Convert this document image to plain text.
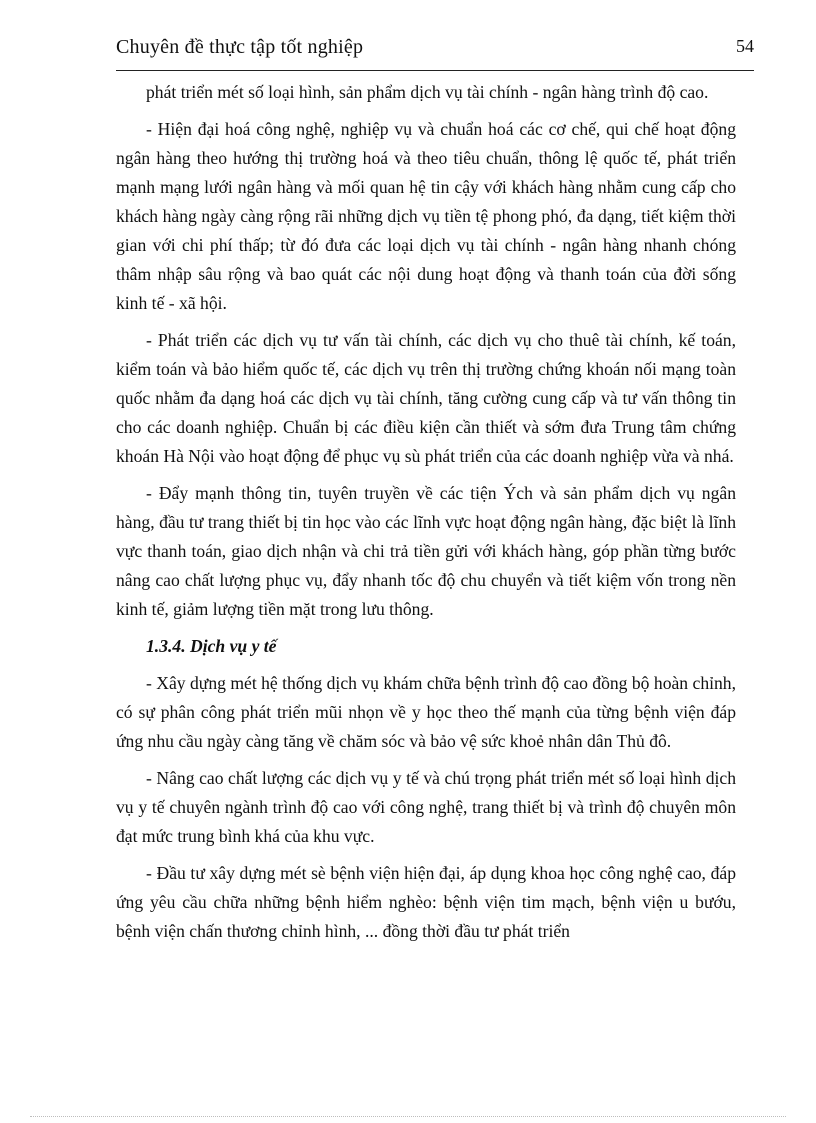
Chuyên đề thực tập tốt nghiệp	54

phát triển mét số loại hình, sản phẩm dịch vụ tài chính - ngân hàng trình độ cao.

- Hiện đại hoá công nghệ, nghiệp vụ và chuẩn hoá các cơ chế, qui chế hoạt động ngân hàng theo hướng thị trường hoá và theo tiêu chuẩn, thông lệ quốc tế, phát triển mạnh mạng lưới ngân hàng và mối quan hệ tin cậy với khách hàng nhằm cung cấp cho khách hàng ngày càng rộng rãi những dịch vụ tiền tệ phong phó, đa dạng, tiết kiệm thời gian với chi phí thấp; từ đó đưa các loại dịch vụ tài chính - ngân hàng nhanh chóng thâm nhập sâu rộng và bao quát các nội dung hoạt động và thanh toán của đời sống kinh tế - xã hội.

- Phát triển các dịch vụ tư vấn tài chính, các dịch vụ cho thuê tài chính, kế toán, kiểm toán và bảo hiểm quốc tế, các dịch vụ trên thị trường chứng khoán nối mạng toàn quốc nhằm đa dạng hoá các dịch vụ tài chính, tăng cường cung cấp và tư vấn thông tin cho các doanh nghiệp. Chuẩn bị các điều kiện cần thiết và sớm đưa Trung tâm chứng khoán Hà Nội vào hoạt động để phục vụ sù phát triển của các doanh nghiệp vừa và nhá.

- Đẩy mạnh thông tin, tuyên truyền về các tiện Ých và sản phẩm dịch vụ ngân hàng, đầu tư trang thiết bị tin học vào các lĩnh vực hoạt động ngân hàng, đặc biệt là lĩnh vực thanh toán, giao dịch nhận và chi trả tiền gửi với khách hàng, góp phần từng bước nâng cao chất lượng phục vụ, đẩy nhanh tốc độ chu chuyển và tiết kiệm vốn trong nền kinh tế, giảm lượng tiền mặt trong lưu thông.

1.3.4. Dịch vụ y tế

- Xây dựng mét hệ thống dịch vụ khám chữa bệnh trình độ cao đồng bộ hoàn chỉnh, có sự phân công phát triển mũi nhọn về y học theo thế mạnh của từng bệnh viện đáp ứng nhu cầu ngày càng tăng về chăm sóc và bảo vệ sức khoẻ nhân dân Thủ đô.

- Nâng cao chất lượng các dịch vụ y tế và chú trọng phát triển mét số loại hình dịch vụ y tế chuyên ngành trình độ cao với công nghệ, trang thiết bị và trình độ chuyên môn đạt mức trung bình khá của khu vực.

- Đầu tư xây dựng mét sè bệnh viện hiện đại, áp dụng khoa học công nghệ cao, đáp ứng yêu cầu chữa những bệnh hiểm nghèo: bệnh viện tim mạch, bệnh viện u bướu, bệnh viện chấn thương chỉnh hình, ... đồng thời đầu tư phát triển
